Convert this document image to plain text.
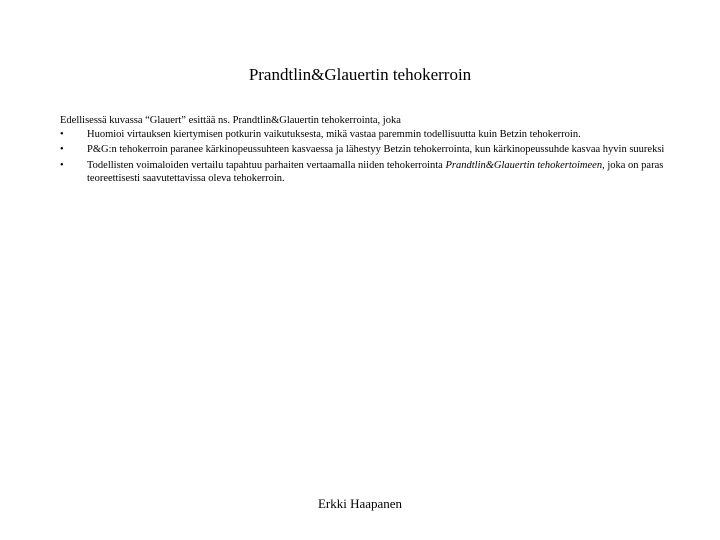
Prandtlin&Glauertin tehokerroin

Edellisessä kuvassa “Glauert” esittää ns. Prandtlin&Glauertin tehokerrointa, joka

•	Huomioi virtauksen kiertymisen potkurin vaikutuksesta, mikä vastaa paremmin todellisuutta kuin Betzin tehokerroin.
•	P&G:n tehokerroin paranee kärkinopeussuhteen kasvaessa ja lähestyy Betzin tehokerrointa, kun kärkinopeussuhde kasvaa hyvin suureksi
•	Todellisten voimaloiden vertailu tapahtuu parhaiten vertaamalla niiden tehokerrointa Prandtlin&Glauertin tehokertoimeen, joka on paras teoreettisesti saavutettavissa oleva tehokerroin.
Erkki Haapanen
